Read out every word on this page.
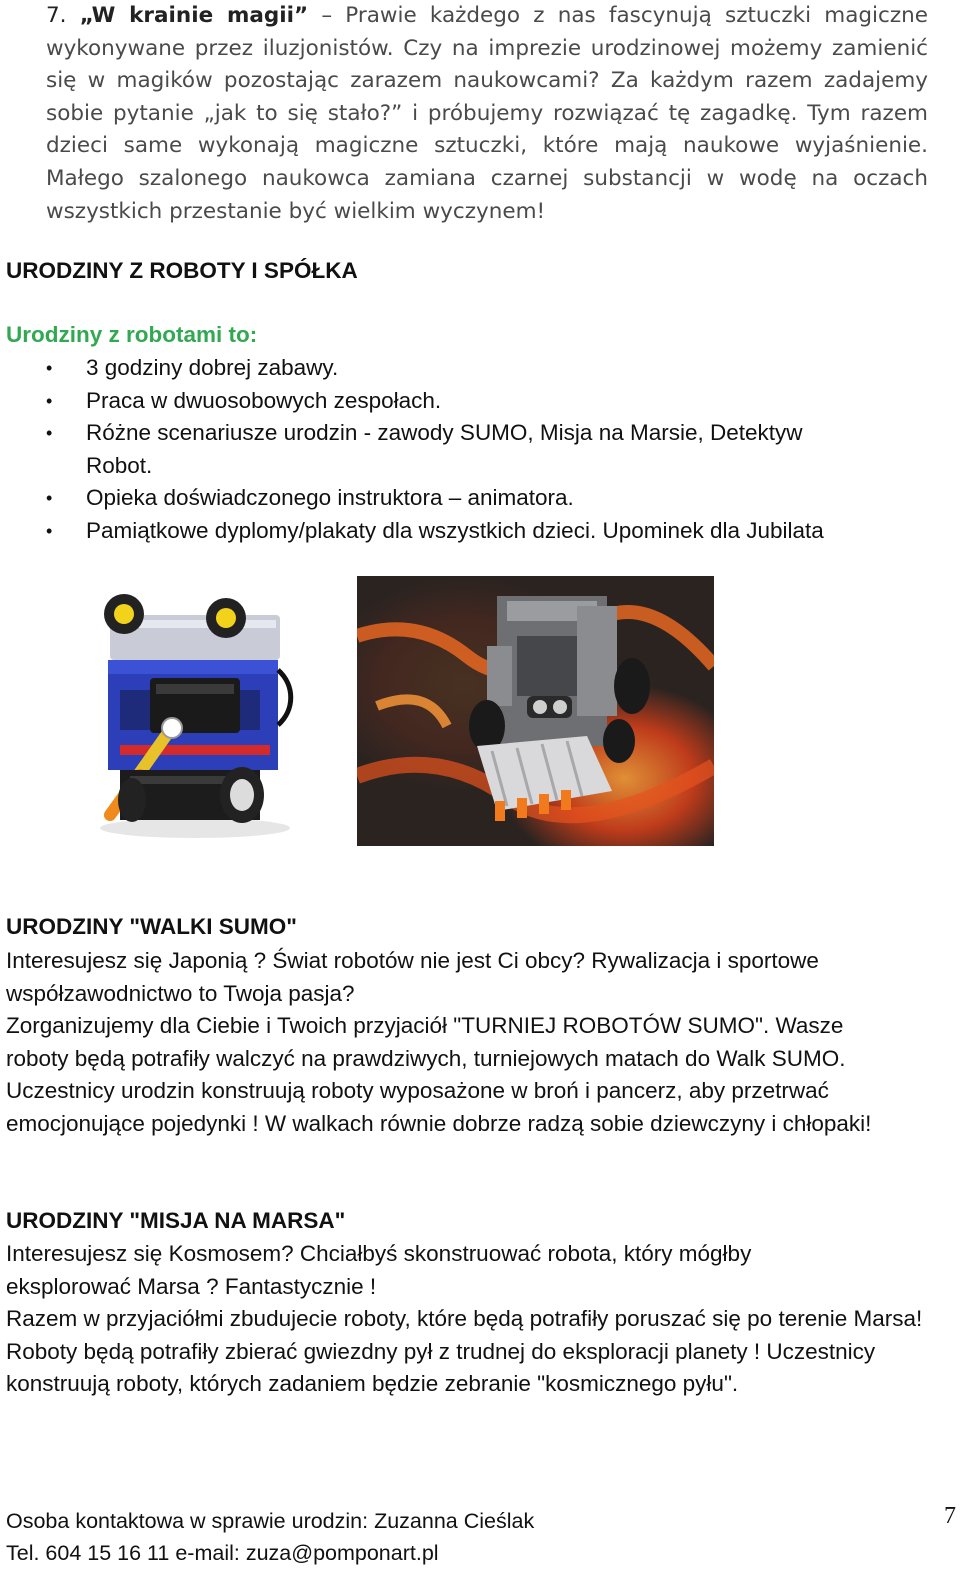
7. „W krainie magii” – Prawie każdego z nas fascynują sztuczki magiczne wykonywane przez iluzjonistów. Czy na imprezie urodzinowej możemy zamienić się w magików pozostając zarazem naukowcami? Za każdym razem zadajemy sobie pytanie „jak to się stało?” i próbujemy rozwiązać tę zagadkę. Tym razem dzieci same wykonają magiczne sztuczki, które mają naukowe wyjaśnienie. Małego szalonego naukowca zamiana czarnej substancji w wodę na oczach wszystkich przestanie być wielkim wyczynem!
URODZINY Z ROBOTY I SPÓŁKA
Urodziny z robotami to:
•	3 godziny dobrej zabawy.
•	Praca w dwuosobowych zespołach.
•	Różne scenariusze urodzin - zawody SUMO, Misja na Marsie, Detektyw Robot.
•	Opieka doświadczonego instruktora – animatora.
•	Pamiątkowe dyplomy/plakaty dla wszystkich dzieci. Upominek dla Jubilata
URODZINY "WALKI SUMO"

Interesujesz się Japonią ? Świat robotów nie jest Ci obcy? Rywalizacja i sportowe współzawodnictwo to Twoja pasja?

Zorganizujemy dla Ciebie i Twoich przyjaciół "TURNIEJ ROBOTÓW SUMO". Wasze roboty będą potrafiły walczyć na prawdziwych, turniejowych matach do Walk SUMO. Uczestnicy urodzin konstruują roboty wyposażone w broń i pancerz, aby przetrwać emocjonujące pojedynki ! W walkach równie dobrze radzą sobie dziewczyny i chłopaki!

URODZINY "MISJA NA MARSA"

Interesujesz się Kosmosem? Chciałbyś skonstruować robota, który mógłby eksplorować Marsa ? Fantastycznie !

Razem w przyjaciółmi zbudujecie roboty, które będą potrafiły poruszać się po terenie Marsa! Roboty będą potrafiły zbierać gwiezdny pył z trudnej do eksploracji planety ! Uczestnicy konstruują roboty, których zadaniem będzie zebranie "kosmicznego pyłu".

Osoba kontaktowa w sprawie urodzin: Zuzanna Cieślak
Tel. 604 15 16 11 e-mail: zuza@pomponart.pl
7
